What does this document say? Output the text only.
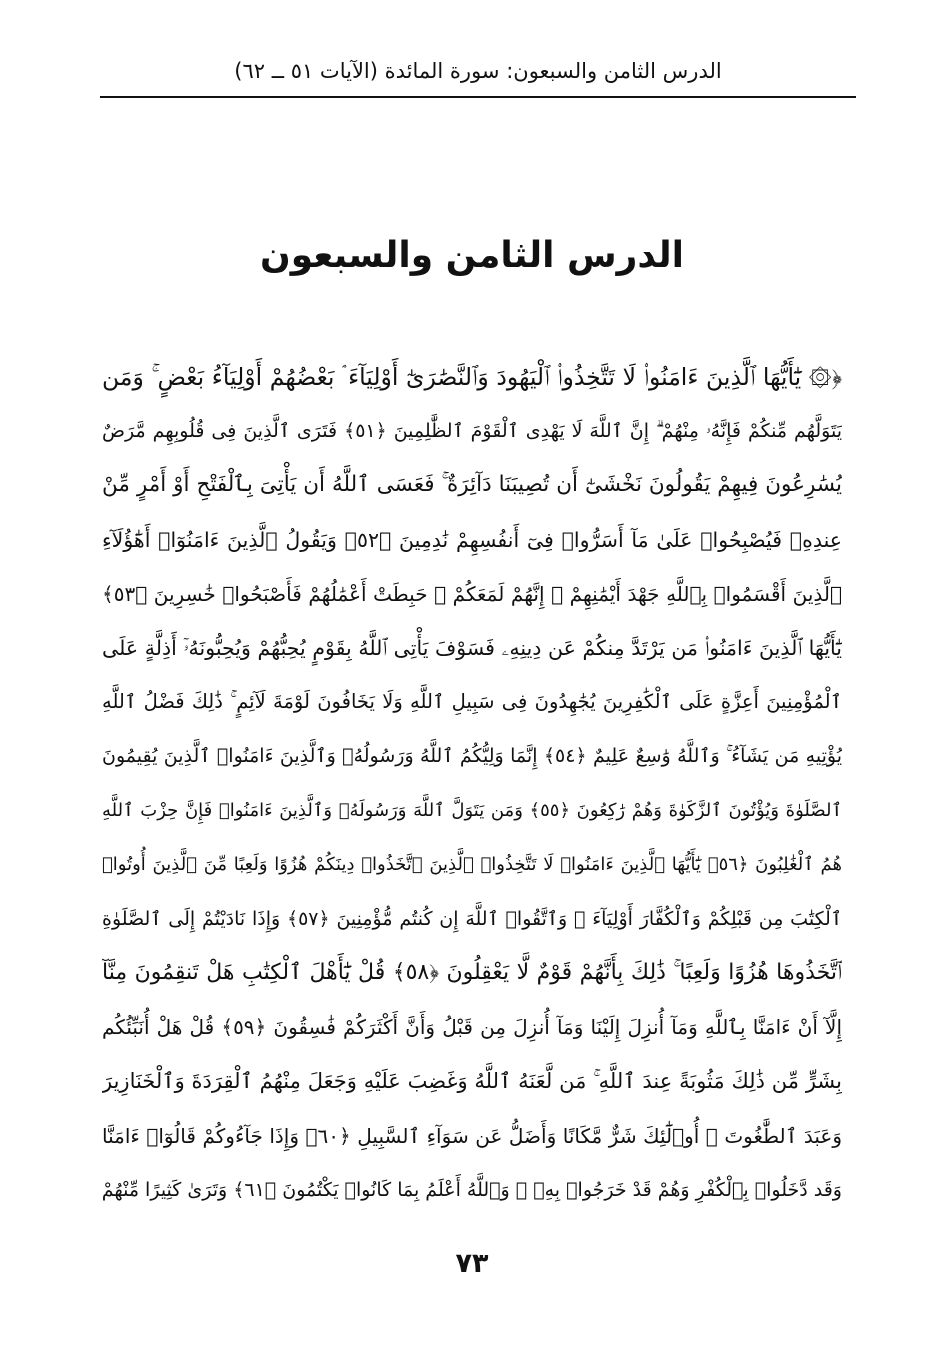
الدرس الثامن والسبعون: سورة المائدة (الآيات ٥١ ــ ٦٢)
الدرس الثامن والسبعون
﴿۞ يَٰٓأَيُّهَا ٱلَّذِينَ ءَامَنُوا۟ لَا تَتَّخِذُوا۟ ٱلْيَهُودَ وَٱلنَّصَٰرَىٰٓ أَوْلِيَآءَ ۘ بَعْضُهُمْ أَوْلِيَآءُ بَعْضٍ ۚ وَمَن
يَتَوَلَّهُم مِّنكُمْ فَإِنَّهُۥ مِنْهُمْ ۗ إِنَّ ٱللَّهَ لَا يَهْدِى ٱلْقَوْمَ ٱلظَّٰلِمِينَ ﴿٥١﴾ فَتَرَى ٱلَّذِينَ فِى قُلُوبِهِم مَّرَضٌ
يُسَٰرِعُونَ فِيهِمْ يَقُولُونَ نَخْشَىٰٓ أَن تُصِيبَنَا دَآئِرَةٌ ۚ فَعَسَى ٱللَّهُ أَن يَأْتِىَ بِٱلْفَتْحِ أَوْ أَمْرٍ مِّنْ
عِندِهِۦ فَيُصْبِحُوا۟ عَلَىٰ مَآ أَسَرُّوا۟ فِىٓ أَنفُسِهِمْ نَٰدِمِينَ ﴿٥٢﴾ وَيَقُولُ ٱلَّذِينَ ءَامَنُوٓا۟ أَهَٰٓؤُلَآءِ
ٱلَّذِينَ أَقْسَمُوا۟ بِٱللَّهِ جَهْدَ أَيْمَٰنِهِمْ ۙ إِنَّهُمْ لَمَعَكُمْ ۚ حَبِطَتْ أَعْمَٰلُهُمْ فَأَصْبَحُوا۟ خَٰسِرِينَ ﴿٥٣﴾
يَٰٓأَيُّهَا ٱلَّذِينَ ءَامَنُوا۟ مَن يَرْتَدَّ مِنكُمْ عَن دِينِهِۦ فَسَوْفَ يَأْتِى ٱللَّهُ بِقَوْمٍ يُحِبُّهُمْ وَيُحِبُّونَهُۥٓ أَذِلَّةٍ عَلَى
ٱلْمُؤْمِنِينَ أَعِزَّةٍ عَلَى ٱلْكَٰفِرِينَ يُجَٰهِدُونَ فِى سَبِيلِ ٱللَّهِ وَلَا يَخَافُونَ لَوْمَةَ لَآئِمٍ ۚ ذَٰلِكَ فَضْلُ ٱللَّهِ
يُؤْتِيهِ مَن يَشَآءُ ۚ وَٱللَّهُ وَٰسِعٌ عَلِيمٌ ﴿٥٤﴾ إِنَّمَا وَلِيُّكُمُ ٱللَّهُ وَرَسُولُهُۥ وَٱلَّذِينَ ءَامَنُوا۟ ٱلَّذِينَ يُقِيمُونَ
ٱلصَّلَوٰةَ وَيُؤْتُونَ ٱلزَّكَوٰةَ وَهُمْ رَٰكِعُونَ ﴿٥٥﴾ وَمَن يَتَوَلَّ ٱللَّهَ وَرَسُولَهُۥ وَٱلَّذِينَ ءَامَنُوا۟ فَإِنَّ حِزْبَ ٱللَّهِ
هُمُ ٱلْغَٰلِبُونَ ﴿٥٦﴾ يَٰٓأَيُّهَا ٱلَّذِينَ ءَامَنُوا۟ لَا تَتَّخِذُوا۟ ٱلَّذِينَ ٱتَّخَذُوا۟ دِينَكُمْ هُزُوًا وَلَعِبًا مِّنَ ٱلَّذِينَ أُوتُوا۟
ٱلْكِتَٰبَ مِن قَبْلِكُمْ وَٱلْكُفَّارَ أَوْلِيَآءَ ۚ وَٱتَّقُوا۟ ٱللَّهَ إِن كُنتُم مُّؤْمِنِينَ ﴿٥٧﴾ وَإِذَا نَادَيْتُمْ إِلَى ٱلصَّلَوٰةِ
ٱتَّخَذُوهَا هُزُوًا وَلَعِبًا ۚ ذَٰلِكَ بِأَنَّهُمْ قَوْمٌ لَّا يَعْقِلُونَ ﴿٥٨﴾ قُلْ يَٰٓأَهْلَ ٱلْكِتَٰبِ هَلْ تَنقِمُونَ مِنَّآ
إِلَّآ أَنْ ءَامَنَّا بِٱللَّهِ وَمَآ أُنزِلَ إِلَيْنَا وَمَآ أُنزِلَ مِن قَبْلُ وَأَنَّ أَكْثَرَكُمْ فَٰسِقُونَ ﴿٥٩﴾ قُلْ هَلْ أُنَبِّئُكُم
بِشَرٍّ مِّن ذَٰلِكَ مَثُوبَةً عِندَ ٱللَّهِ ۚ مَن لَّعَنَهُ ٱللَّهُ وَغَضِبَ عَلَيْهِ وَجَعَلَ مِنْهُمُ ٱلْقِرَدَةَ وَٱلْخَنَازِيرَ
وَعَبَدَ ٱلطَّٰغُوتَ ۚ أُو۟لَٰٓئِكَ شَرٌّ مَّكَانًا وَأَضَلُّ عَن سَوَآءِ ٱلسَّبِيلِ ﴿٦٠﴾ وَإِذَا جَآءُوكُمْ قَالُوٓا۟ ءَامَنَّا
وَقَد دَّخَلُوا۟ بِٱلْكُفْرِ وَهُمْ قَدْ خَرَجُوا۟ بِهِۦ ۚ وَٱللَّهُ أَعْلَمُ بِمَا كَانُوا۟ يَكْتُمُونَ ﴿٦١﴾ وَتَرَىٰ كَثِيرًا مِّنْهُمْ
٧٣
